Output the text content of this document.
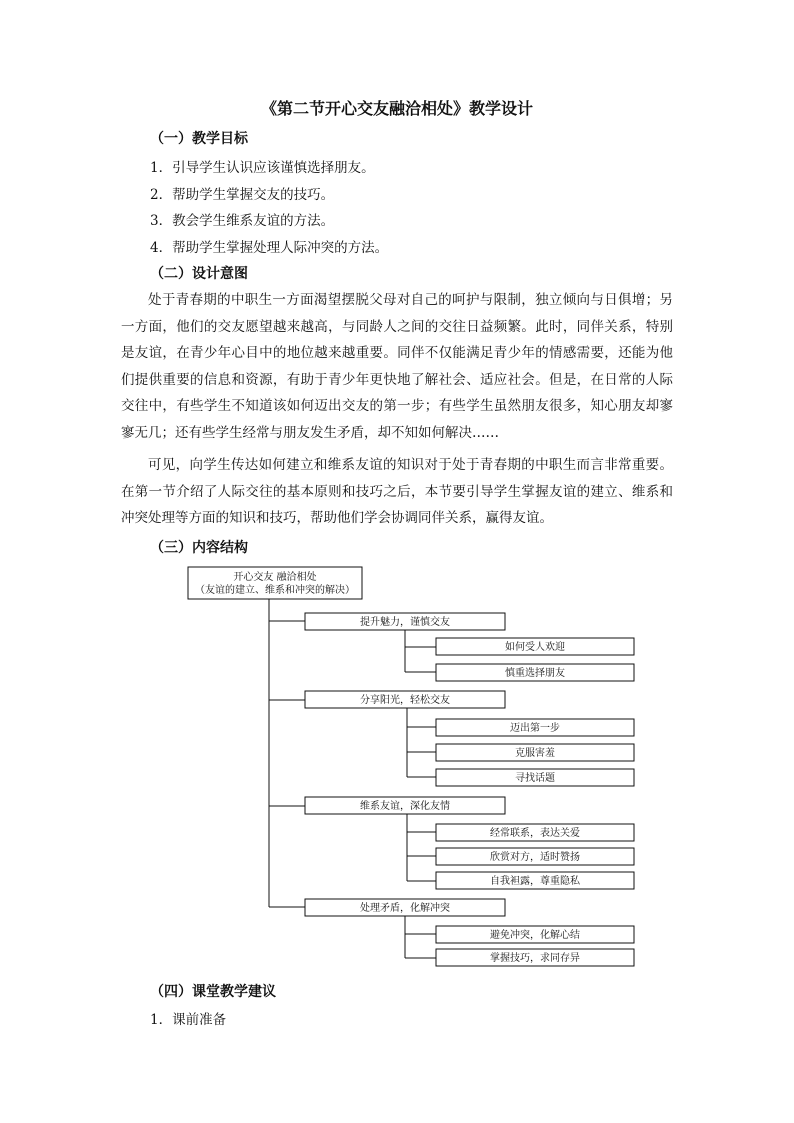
《第二节开心交友融洽相处》教学设计
（一）教学目标
1．引导学生认识应该谨慎选择朋友。
2．帮助学生掌握交友的技巧。
3．教会学生维系友谊的方法。
4．帮助学生掌握处理人际冲突的方法。
（二）设计意图
处于青春期的中职生一方面渴望摆脱父母对自己的呵护与限制，独立倾向与日俱增；另一方面，他们的交友愿望越来越高，与同龄人之间的交往日益频繁。此时，同伴关系，特别是友谊，在青少年心目中的地位越来越重要。同伴不仅能满足青少年的情感需要，还能为他们提供重要的信息和资源，有助于青少年更快地了解社会、适应社会。但是，在日常的人际交往中，有些学生不知道该如何迈出交友的第一步；有些学生虽然朋友很多，知心朋友却寥寥无几；还有些学生经常与朋友发生矛盾，却不知如何解决……
可见，向学生传达如何建立和维系友谊的知识对于处于青春期的中职生而言非常重要。在第一节介绍了人际交往的基本原则和技巧之后，本节要引导学生掌握友谊的建立、维系和冲突处理等方面的知识和技巧，帮助他们学会协调同伴关系，赢得友谊。
（三）内容结构
开心交友 融洽相处
（友谊的建立、维系和冲突的解决）
提升魅力，谨慎交友
如何受人欢迎
慎重选择朋友
分享阳光，轻松交友
迈出第一步
克服害羞
寻找话题
维系友谊，深化友情
经常联系，表达关爱
欣赏对方，适时赞扬
自我袒露，尊重隐私
处理矛盾，化解冲突
避免冲突，化解心结
掌握技巧，求同存异
（四）课堂教学建议
1．课前准备
